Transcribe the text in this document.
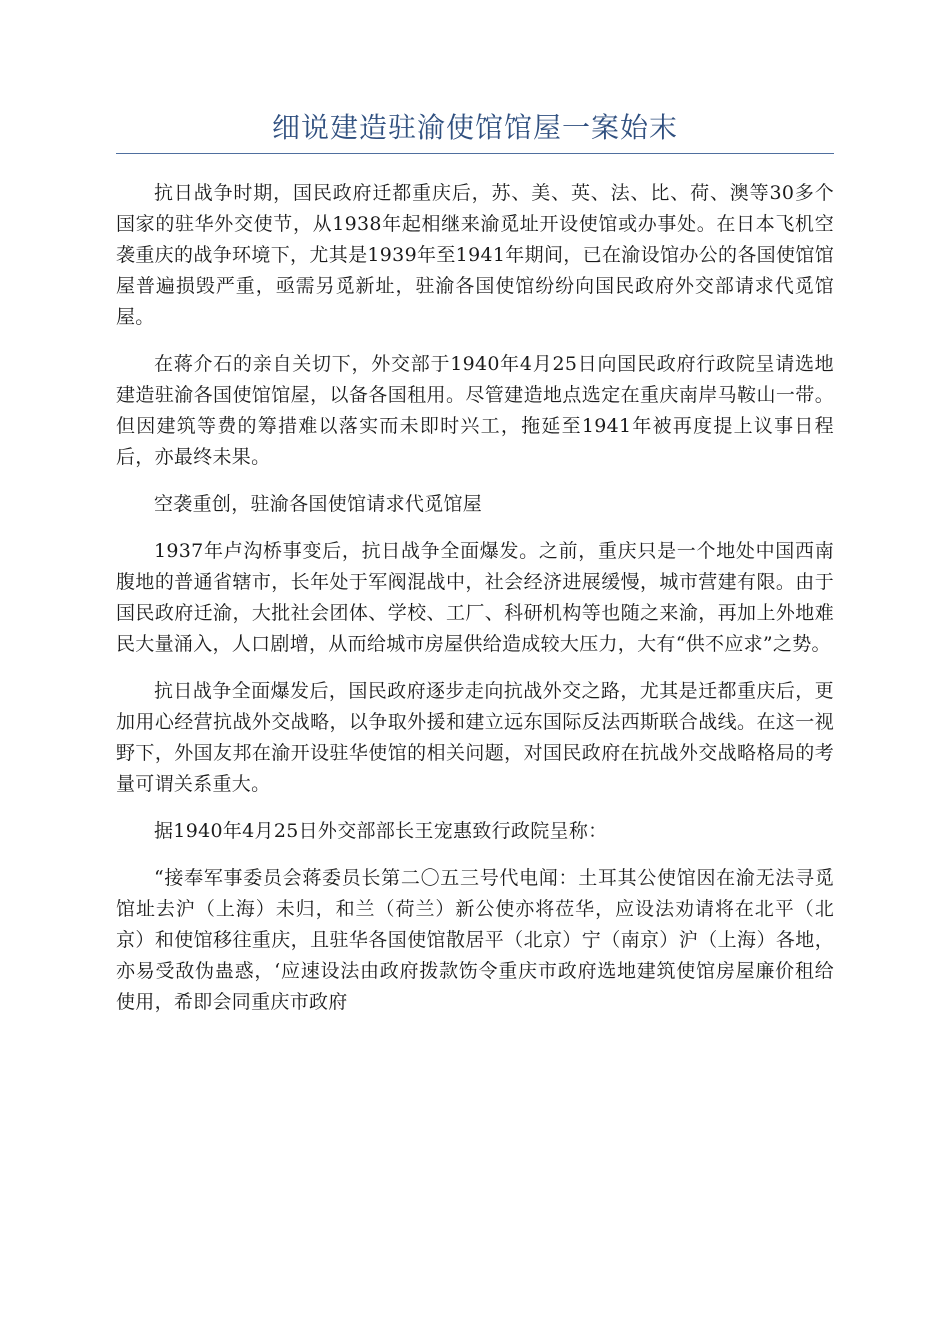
细说建造驻渝使馆馆屋一案始末

抗日战争时期，国民政府迁都重庆后，苏、美、英、法、比、荷、澳等30多个国家的驻华外交使节，从1938年起相继来渝觅址开设使馆或办事处。在日本飞机空袭重庆的战争环境下，尤其是1939年至1941年期间，已在渝设馆办公的各国使馆馆屋普遍损毁严重，亟需另觅新址，驻渝各国使馆纷纷向国民政府外交部请求代觅馆屋。

在蒋介石的亲自关切下，外交部于1940年4月25日向国民政府行政院呈请选地建造驻渝各国使馆馆屋，以备各国租用。尽管建造地点选定在重庆南岸马鞍山一带。但因建筑等费的筹措难以落实而未即时兴工，拖延至1941年被再度提上议事日程后，亦最终未果。

空袭重创，驻渝各国使馆请求代觅馆屋

1937年卢沟桥事变后，抗日战争全面爆发。之前，重庆只是一个地处中国西南腹地的普通省辖市，长年处于军阀混战中，社会经济进展缓慢，城市营建有限。由于国民政府迁渝，大批社会团体、学校、工厂、科研机构等也随之来渝，再加上外地难民大量涌入，人口剧增，从而给城市房屋供给造成较大压力，大有“供不应求”之势。

抗日战争全面爆发后，国民政府逐步走向抗战外交之路，尤其是迁都重庆后，更加用心经营抗战外交战略，以争取外援和建立远东国际反法西斯联合战线。在这一视野下，外国友邦在渝开设驻华使馆的相关问题，对国民政府在抗战外交战略格局的考量可谓关系重大。

据1940年4月25日外交部部长王宠惠致行政院呈称：

“接奉军事委员会蒋委员长第二〇五三号代电闻：土耳其公使馆因在渝无法寻觅馆址去沪（上海）未归，和兰（荷兰）新公使亦将莅华，应设法劝请将在北平（北京）和使馆移往重庆，且驻华各国使馆散居平（北京）宁（南京）沪（上海）各地，亦易受敌伪蛊惑，‘应速设法由政府拨款饬令重庆市政府选地建筑使馆房屋廉价租给使用，希即会同重庆市政府
